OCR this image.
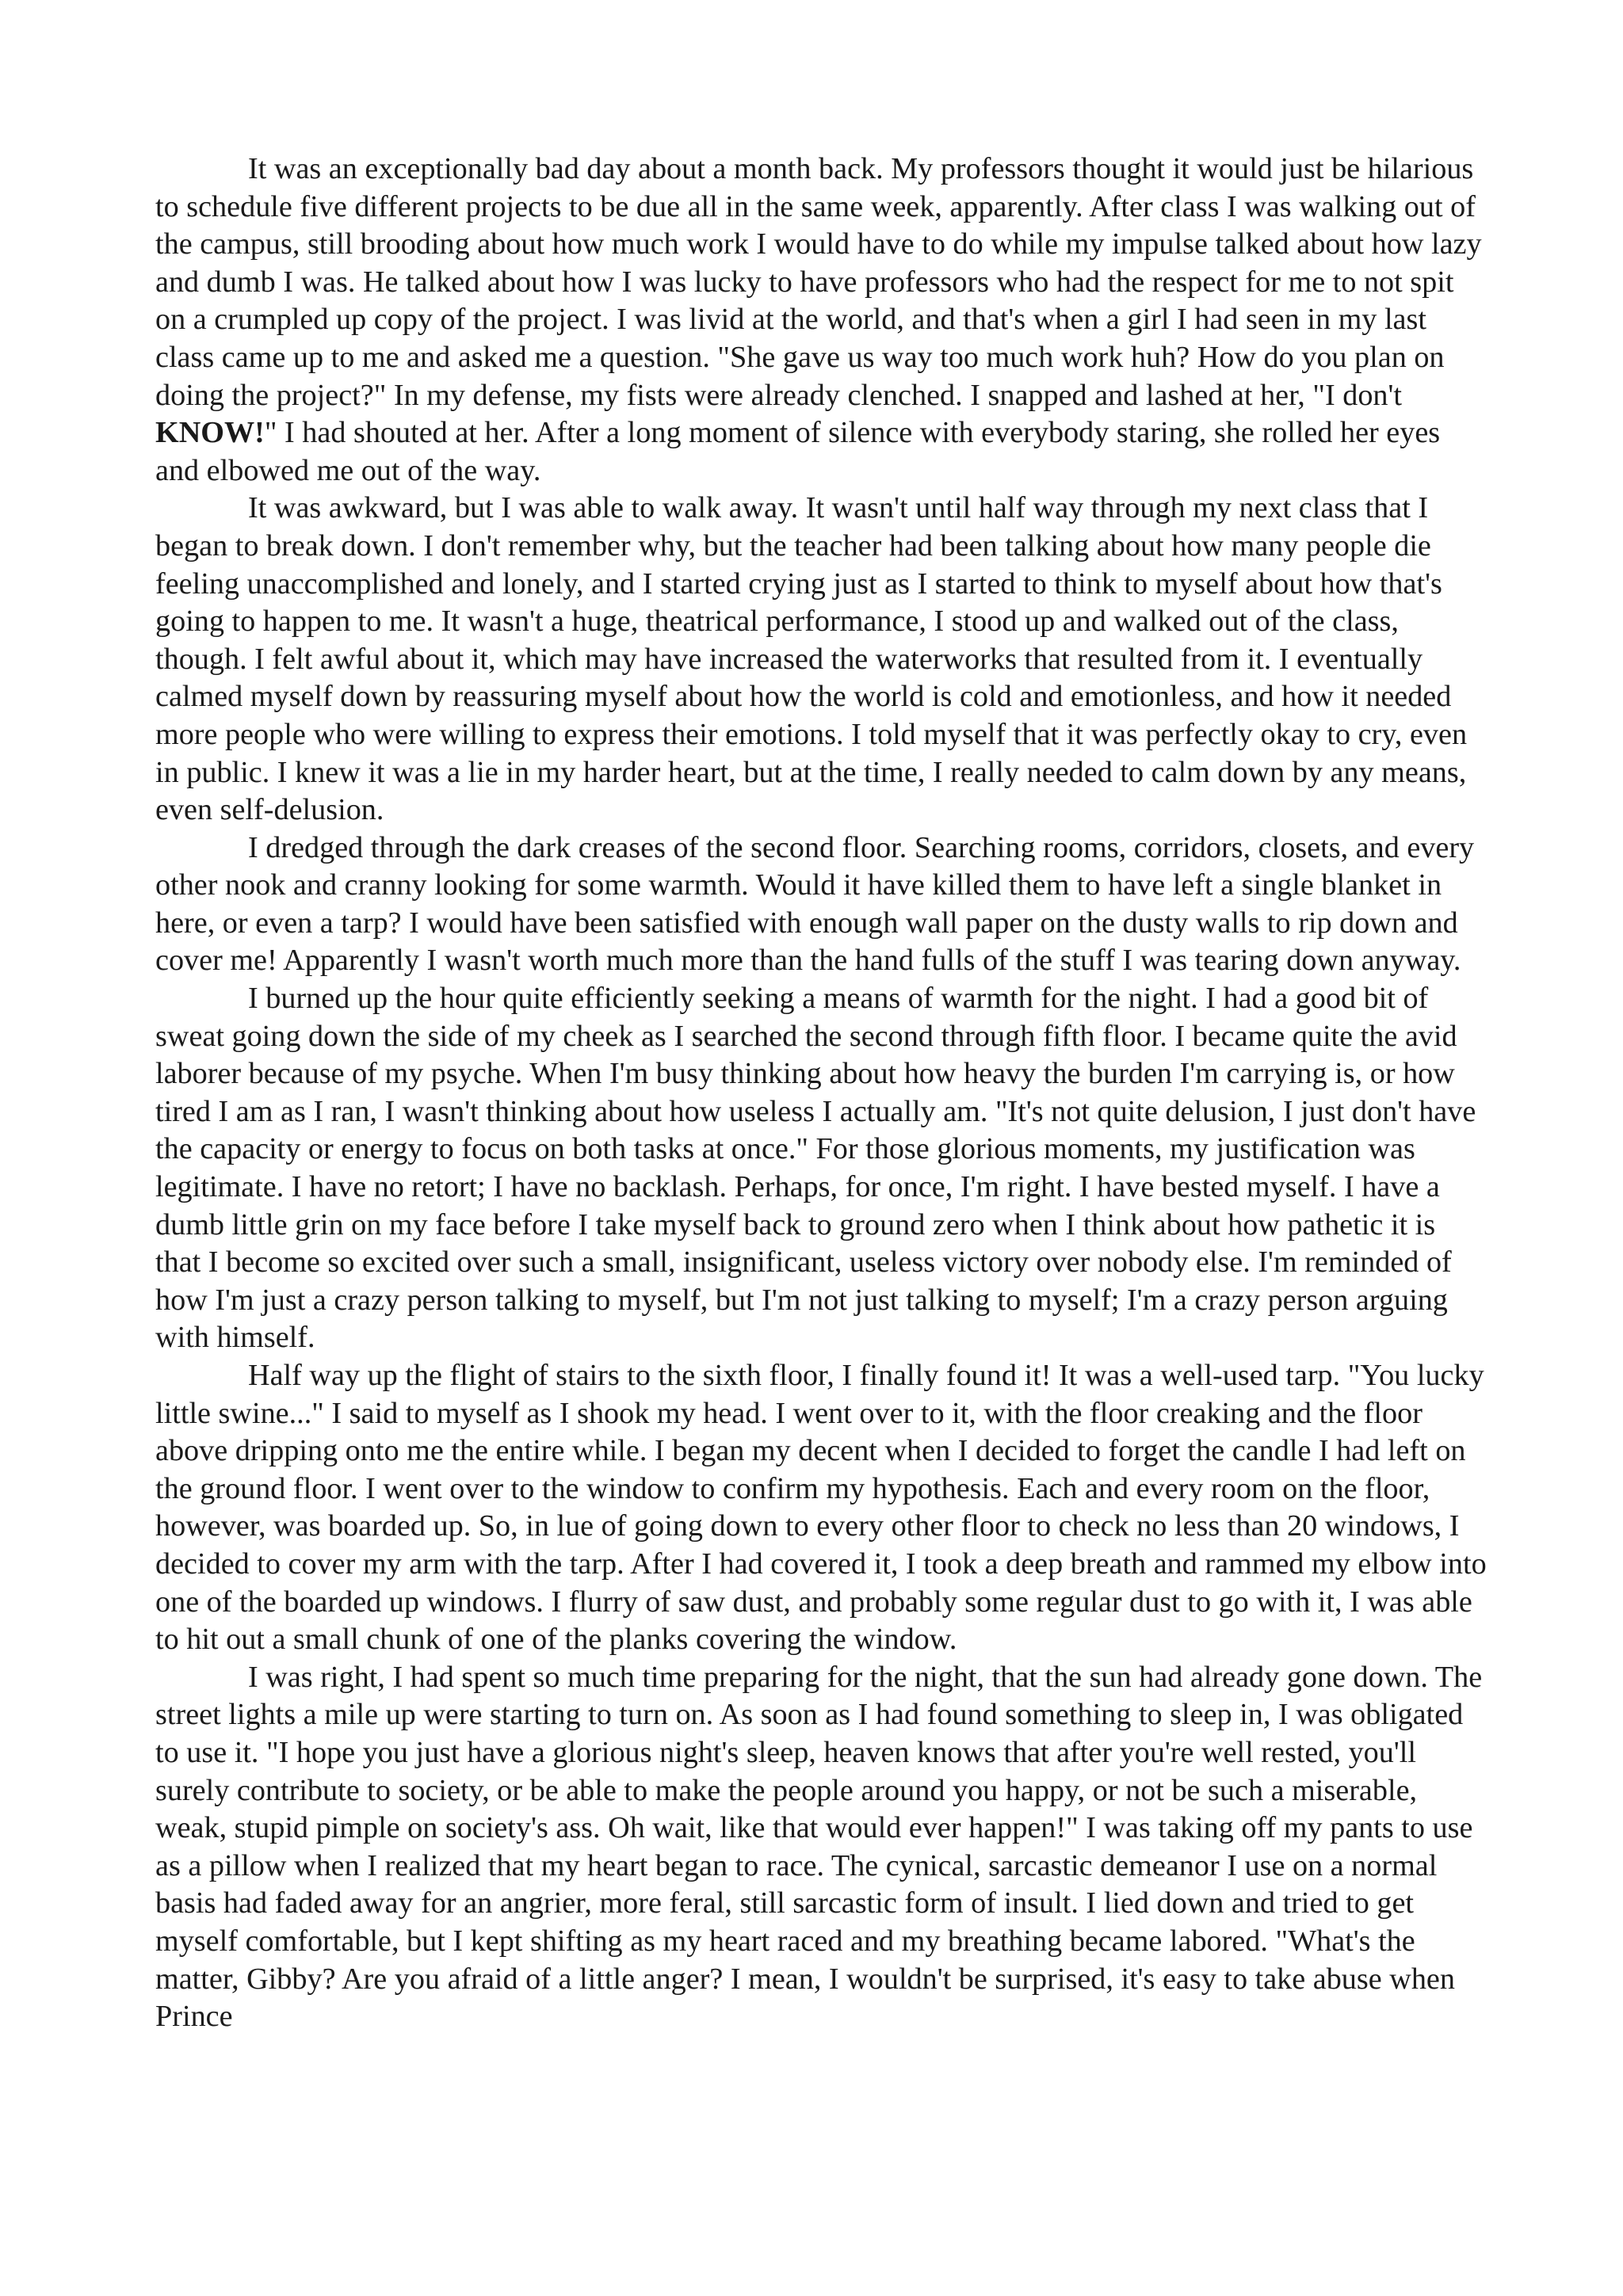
It was an exceptionally bad day about a month back. My professors thought it would just be hilarious to schedule five different projects to be due all in the same week, apparently. After class I was walking out of the campus, still brooding about how much work I would have to do while my impulse talked about how lazy and dumb I was. He talked about how I was lucky to have professors who had the respect for me to not spit on a crumpled up copy of the project. I was livid at the world, and that's when a girl I had seen in my last class came up to me and asked me a question. "She gave us way too much work huh? How do you plan on doing the project?" In my defense, my fists were already clenched. I snapped and lashed at her, "I don't KNOW!" I had shouted at her. After a long moment of silence with everybody staring, she rolled her eyes and elbowed me out of the way.

It was awkward, but I was able to walk away. It wasn't until half way through my next class that I began to break down. I don't remember why, but the teacher had been talking about how many people die feeling unaccomplished and lonely, and I started crying just as I started to think to myself about how that's going to happen to me. It wasn't a huge, theatrical performance, I stood up and walked out of the class, though. I felt awful about it, which may have increased the waterworks that resulted from it. I eventually calmed myself down by reassuring myself about how the world is cold and emotionless, and how it needed more people who were willing to express their emotions. I told myself that it was perfectly okay to cry, even in public. I knew it was a lie in my harder heart, but at the time, I really needed to calm down by any means, even self-delusion.

I dredged through the dark creases of the second floor. Searching rooms, corridors, closets, and every other nook and cranny looking for some warmth. Would it have killed them to have left a single blanket in here, or even a tarp? I would have been satisfied with enough wall paper on the dusty walls to rip down and cover me! Apparently I wasn't worth much more than the hand fulls of the stuff I was tearing down anyway.

I burned up the hour quite efficiently seeking a means of warmth for the night. I had a good bit of sweat going down the side of my cheek as I searched the second through fifth floor. I became quite the avid laborer because of my psyche. When I'm busy thinking about how heavy the burden I'm carrying is, or how tired I am as I ran, I wasn't thinking about how useless I actually am. "It's not quite delusion, I just don't have the capacity or energy to focus on both tasks at once." For those glorious moments, my justification was legitimate. I have no retort; I have no backlash. Perhaps, for once, I'm right. I have bested myself. I have a dumb little grin on my face before I take myself back to ground zero when I think about how pathetic it is that I become so excited over such a small, insignificant, useless victory over nobody else. I'm reminded of how I'm just a crazy person talking to myself, but I'm not just talking to myself; I'm a crazy person arguing with himself.

Half way up the flight of stairs to the sixth floor, I finally found it! It was a well-used tarp. "You lucky little swine..." I said to myself as I shook my head. I went over to it, with the floor creaking and the floor above dripping onto me the entire while. I began my decent when I decided to forget the candle I had left on the ground floor. I went over to the window to confirm my hypothesis. Each and every room on the floor, however, was boarded up. So, in lue of going down to every other floor to check no less than 20 windows, I decided to cover my arm with the tarp. After I had covered it, I took a deep breath and rammed my elbow into one of the boarded up windows. I flurry of saw dust, and probably some regular dust to go with it, I was able to hit out a small chunk of one of the planks covering the window.

I was right, I had spent so much time preparing for the night, that the sun had already gone down. The street lights a mile up were starting to turn on. As soon as I had found something to sleep in, I was obligated to use it. "I hope you just have a glorious night's sleep, heaven knows that after you're well rested, you'll surely contribute to society, or be able to make the people around you happy, or not be such a miserable, weak, stupid pimple on society's ass. Oh wait, like that would ever happen!" I was taking off my pants to use as a pillow when I realized that my heart began to race. The cynical, sarcastic demeanor I use on a normal basis had faded away for an angrier, more feral, still sarcastic form of insult. I lied down and tried to get myself comfortable, but I kept shifting as my heart raced and my breathing became labored. "What's the matter, Gibby? Are you afraid of a little anger? I mean, I wouldn't be surprised, it's easy to take abuse when Prince
